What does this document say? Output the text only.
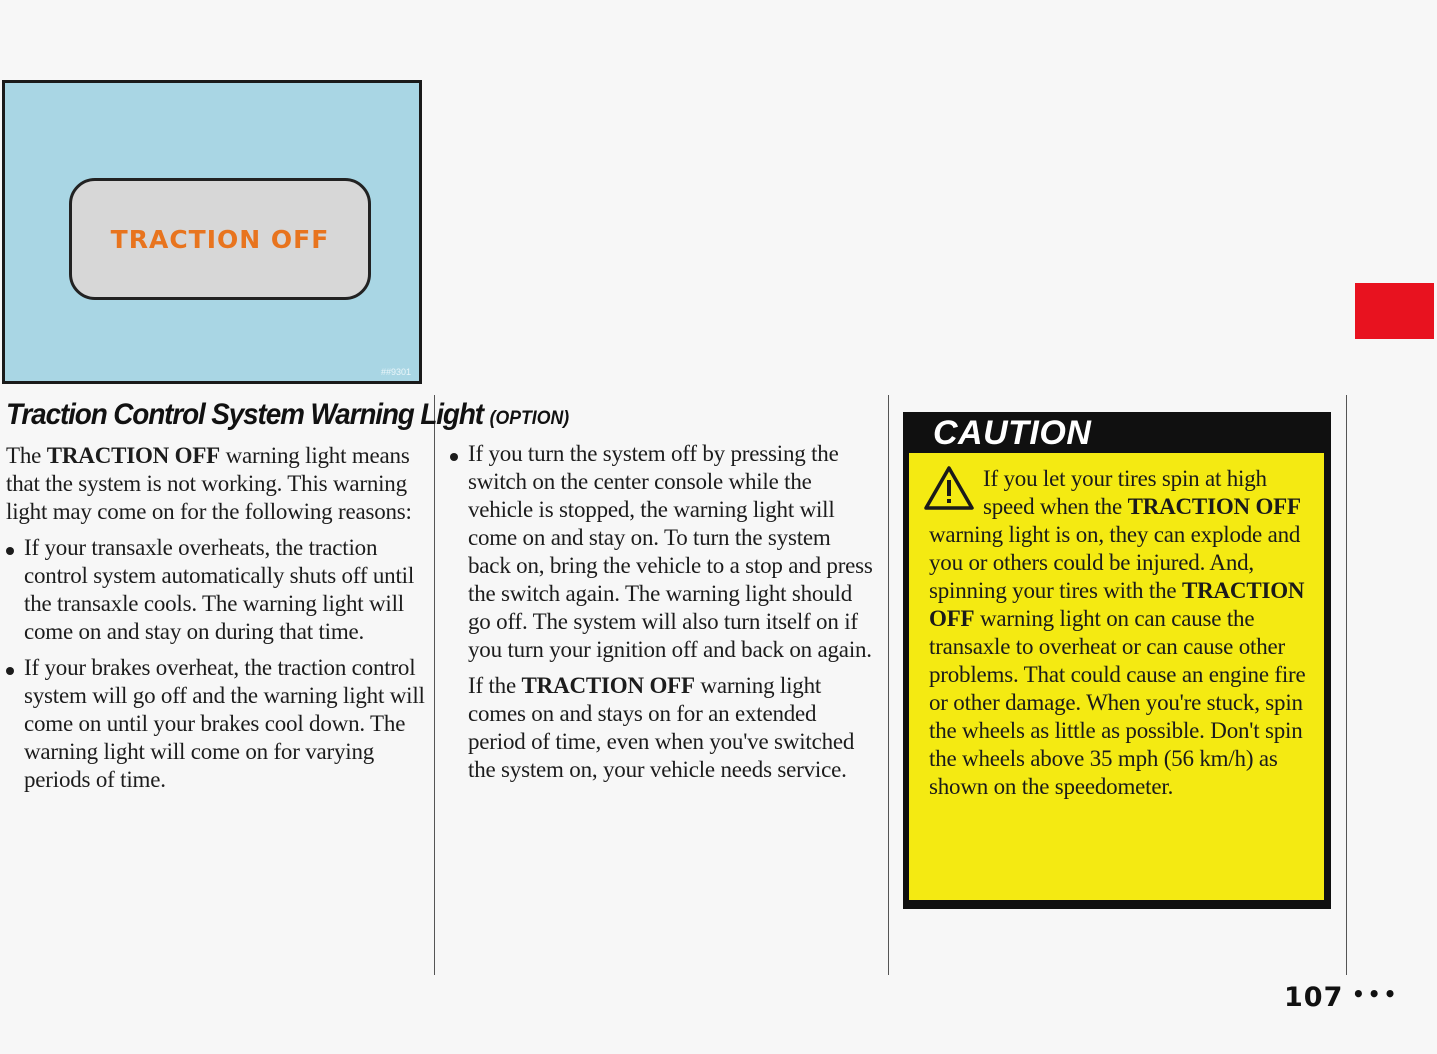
TRACTION OFF
##9301
Traction Control System Warning Light (OPTION)

The TRACTION OFF warning light means that the system is not working. This warning light may come on for the following reasons:

If your transaxle overheats, the traction control system automatically shuts off until the transaxle cools. The warning light will come on and stay on during that time.
If your brakes overheat, the traction control system will go off and the warning light will come on until your brakes cool down. The warning light will come on for varying periods of time.
If you turn the system off by pressing the switch on the center console while the vehicle is stopped, the warning light will come on and stay on. To turn the system back on, bring the vehicle to a stop and press the switch again. The warning light should go off. The system will also turn itself on if you turn your ignition off and back on again.

If the TRACTION OFF warning light comes on and stays on for an extended period of time, even when you've switched the system on, your vehicle needs service.

CAUTION
If you let your tires spin at high speed when the TRACTION OFF warning light is on, they can explode and you or others could be injured. And, spinning your tires with the TRACTION OFF warning light on can cause the transaxle to overheat or can cause other problems. That could cause an engine fire or other damage. When you're stuck, spin the wheels as little as possible. Don't spin the wheels above 35 mph (56 km/h) as shown on the speedometer.
107 •••
